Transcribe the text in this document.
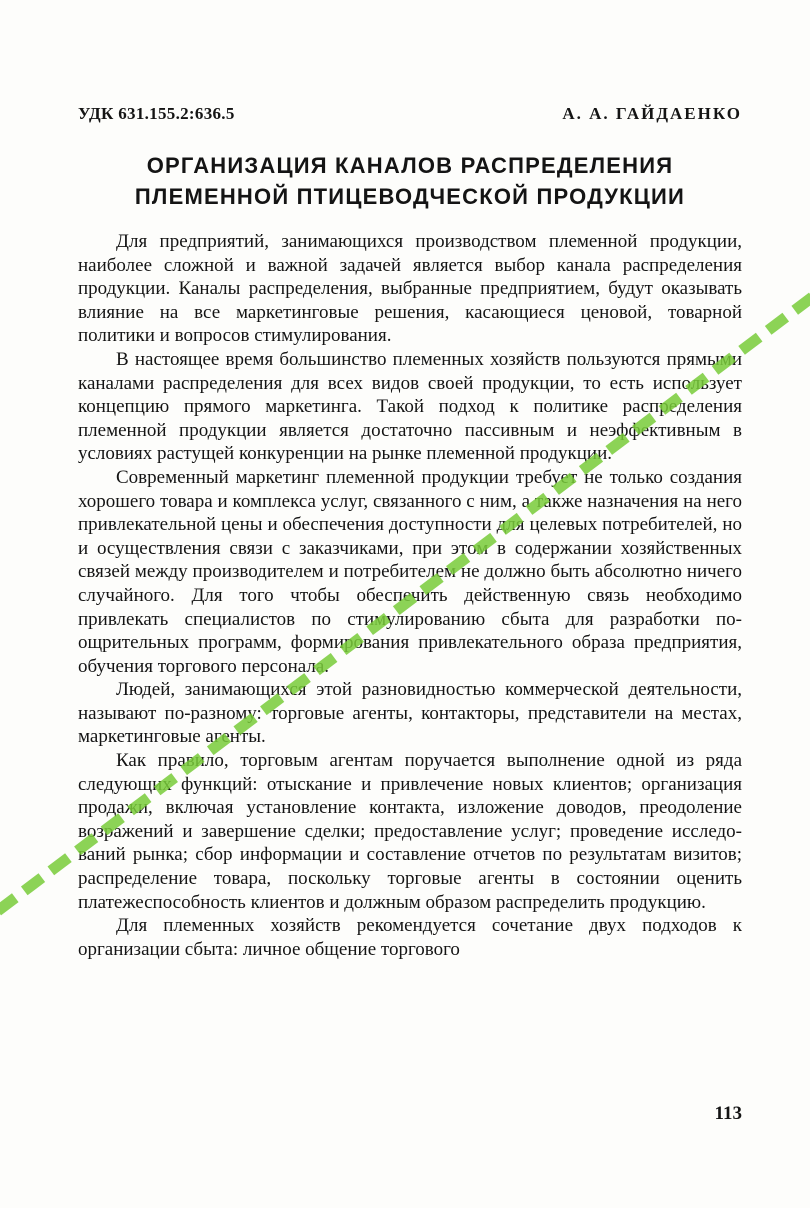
УДК 631.155.2:636.5	А. А. ГАЙДАЕНКО
ОРГАНИЗАЦИЯ КАНАЛОВ РАСПРЕДЕЛЕНИЯ
ПЛЕМЕННОЙ ПТИЦЕВОДЧЕСКОЙ ПРОДУКЦИИ

Для предприятий, занимающихся производством племенной продукции, наиболее сложной и важной задачей является выбор канала распределения продукции. Каналы распределения, выбранные предприятием, будут оказывать влияние на все маркетинговые решения, касающиеся ценовой, товарной политики и вопросов стимулирования.

В настоящее время большинство племенных хозяйств пользуются прямыми каналами распределения для всех видов своей продукции, то есть использует концепцию прямого маркетинга. Такой подход к политике распределения племенной продукции является достаточно пассивным и неэффективным в условиях растущей конкуренции на рынке племенной продукции.

Современный маркетинг племенной продукции требует не только создания хорошего товара и комплекса услуг, связанного с ним, а также назначения на него привлекательной цены и обеспечения доступности для целевых потребителей, но и осуществления связи с заказчиками, при этом в содержании хозяйственных связей между производителем и потребителем не должно быть абсолютно ничего случайного. Для того чтобы обеспечить действенную связь необходимо привлекать специалистов по стимулированию сбыта для разработки поощрительных программ, формирования привлекательного образа предприятия, обучения торгового персонала.

Людей, занимающихся этой разновидностью коммерческой деятельности, называют по-разному: торговые агенты, контакторы, представители на местах, маркетинговые агенты.

Как правило, торговым агентам поручается выполнение одной из ряда следующих функций: отыскание и привлечение новых клиентов; организация продажи, включая установление контакта, изложение доводов, преодоление возражений и завершение сделки; предоставление услуг; проведение исследований рынка; сбор информации и составление отчетов по результатам визитов; распределение товара, поскольку торговые агенты в состоянии оценить платежеспособность клиентов и должным образом распределить продукцию.

Для племенных хозяйств рекомендуется сочетание двух подходов к организации сбыта: личное общение торгового

113
